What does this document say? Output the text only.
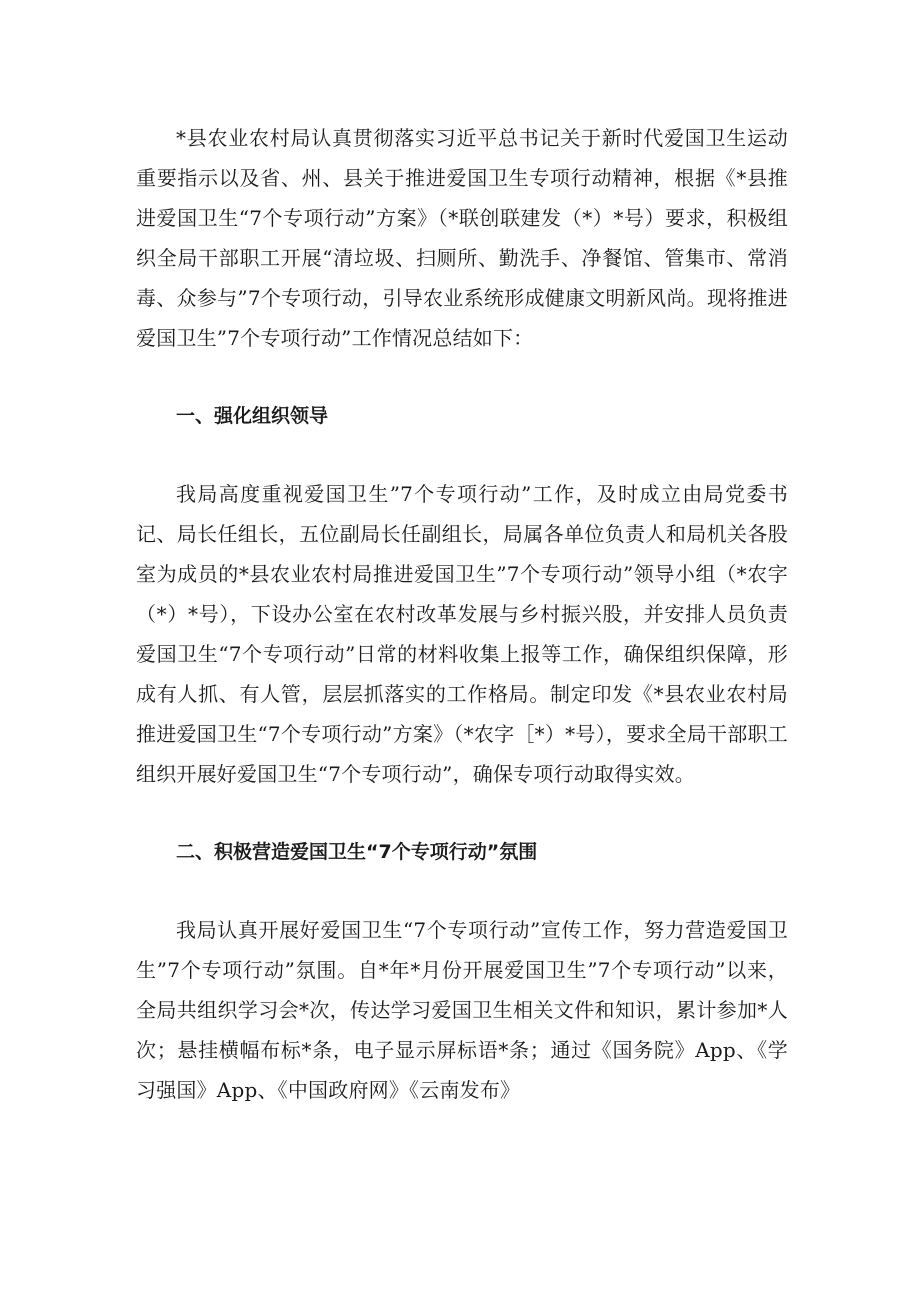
*县农业农村局认真贯彻落实习近平总书记关于新时代爱国卫生运动重要指示以及省、州、县关于推进爱国卫生专项行动精神，根据《*县推进爱国卫生“7个专项行动”方案》（*联创联建发（*）*号）要求，积极组织全局干部职工开展“清垃圾、扫厕所、勤洗手、净餐馆、管集市、常消毒、众参与”7个专项行动，引导农业系统形成健康文明新风尚。现将推进爱国卫生”7个专项行动”工作情况总结如下：

一、强化组织领导

我局高度重视爱国卫生”7个专项行动”工作，及时成立由局党委书记、局长任组长，五位副局长任副组长，局属各单位负责人和局机关各股室为成员的*县农业农村局推进爱国卫生”7个专项行动”领导小组（*农字（*）*号），下设办公室在农村改革发展与乡村振兴股，并安排人员负责爱国卫生“7个专项行动”日常的材料收集上报等工作，确保组织保障，形成有人抓、有人管，层层抓落实的工作格局。制定印发《*县农业农村局推进爱国卫生“7个专项行动”方案》（*农字［*）*号），要求全局干部职工组织开展好爱国卫生“7个专项行动”，确保专项行动取得实效。

二、积极营造爱国卫生“7个专项行动”氛围

我局认真开展好爱国卫生“7个专项行动”宣传工作，努力营造爱国卫生”7个专项行动”氛围。自*年*月份开展爱国卫生”7个专项行动”以来，全局共组织学习会*次，传达学习爱国卫生相关文件和知识，累计参加*人次；悬挂横幅布标*条，电子显示屏标语*条；通过《国务院》App、《学习强国》App、《中国政府网》《云南发布》
